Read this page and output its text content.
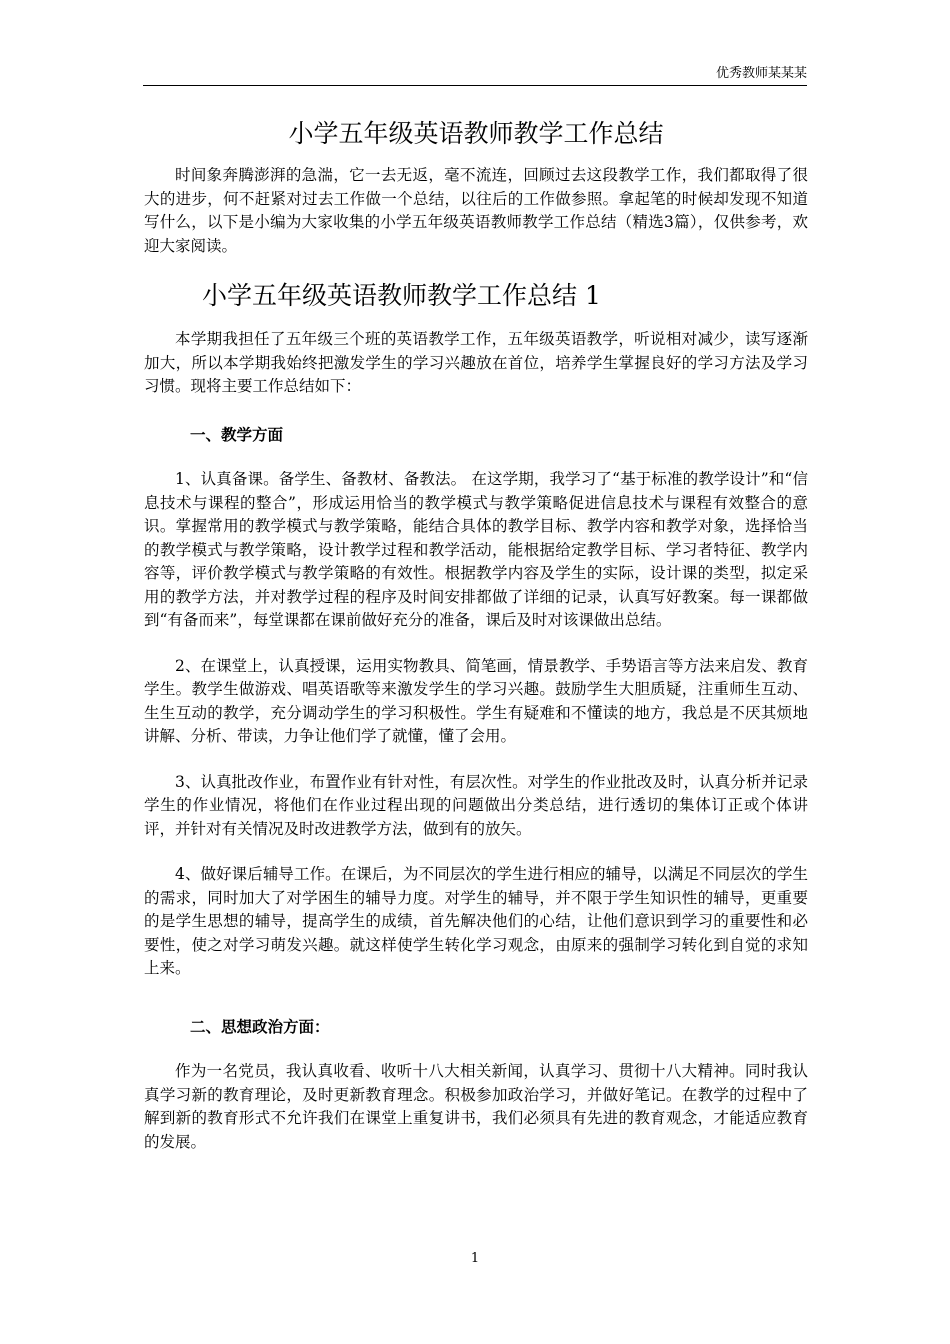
优秀教师某某某
小学五年级英语教师教学工作总结

时间象奔腾澎湃的急湍，它一去无返，毫不流连，回顾过去这段教学工作，我们都取得了很大的进步，何不赶紧对过去工作做一个总结，以往后的工作做参照。拿起笔的时候却发现不知道写什么，以下是小编为大家收集的小学五年级英语教师教学工作总结（精选3篇），仅供参考，欢迎大家阅读。

小学五年级英语教师教学工作总结 1

本学期我担任了五年级三个班的英语教学工作，五年级英语教学，听说相对减少，读写逐渐加大，所以本学期我始终把激发学生的学习兴趣放在首位，培养学生掌握良好的学习方法及学习习惯。现将主要工作总结如下：

一、教学方面

1、认真备课。备学生、备教材、备教法。 在这学期，我学习了“基于标准的教学设计”和“信息技术与课程的整合”，形成运用恰当的教学模式与教学策略促进信息技术与课程有效整合的意识。掌握常用的教学模式与教学策略，能结合具体的教学目标、教学内容和教学对象，选择恰当的教学模式与教学策略，设计教学过程和教学活动，能根据给定教学目标、学习者特征、教学内容等，评价教学模式与教学策略的有效性。根据教学内容及学生的实际，设计课的类型，拟定采用的教学方法，并对教学过程的程序及时间安排都做了详细的记录，认真写好教案。每一课都做到“有备而来”，每堂课都在课前做好充分的准备，课后及时对该课做出总结。

2、在课堂上，认真授课，运用实物教具、简笔画，情景教学、手势语言等方法来启发、教育学生。教学生做游戏、唱英语歌等来激发学生的学习兴趣。鼓励学生大胆质疑，注重师生互动、生生互动的教学，充分调动学生的学习积极性。学生有疑难和不懂读的地方，我总是不厌其烦地讲解、分析、带读，力争让他们学了就懂，懂了会用。

3、认真批改作业，布置作业有针对性，有层次性。对学生的作业批改及时，认真分析并记录学生的作业情况，将他们在作业过程出现的问题做出分类总结，进行透切的集体订正或个体讲评，并针对有关情况及时改进教学方法，做到有的放矢。

4、做好课后辅导工作。在课后，为不同层次的学生进行相应的辅导，以满足不同层次的学生的需求，同时加大了对学困生的辅导力度。对学生的辅导，并不限于学生知识性的辅导，更重要的是学生思想的辅导，提高学生的成绩，首先解决他们的心结，让他们意识到学习的重要性和必要性，使之对学习萌发兴趣。就这样使学生转化学习观念，由原来的强制学习转化到自觉的求知上来。

二、思想政治方面：

作为一名党员，我认真收看、收听十八大相关新闻，认真学习、贯彻十八大精神。同时我认真学习新的教育理论，及时更新教育理念。积极参加政治学习，并做好笔记。在教学的过程中了解到新的教育形式不允许我们在课堂上重复讲书，我们必须具有先进的教育观念，才能适应教育的发展。

1
